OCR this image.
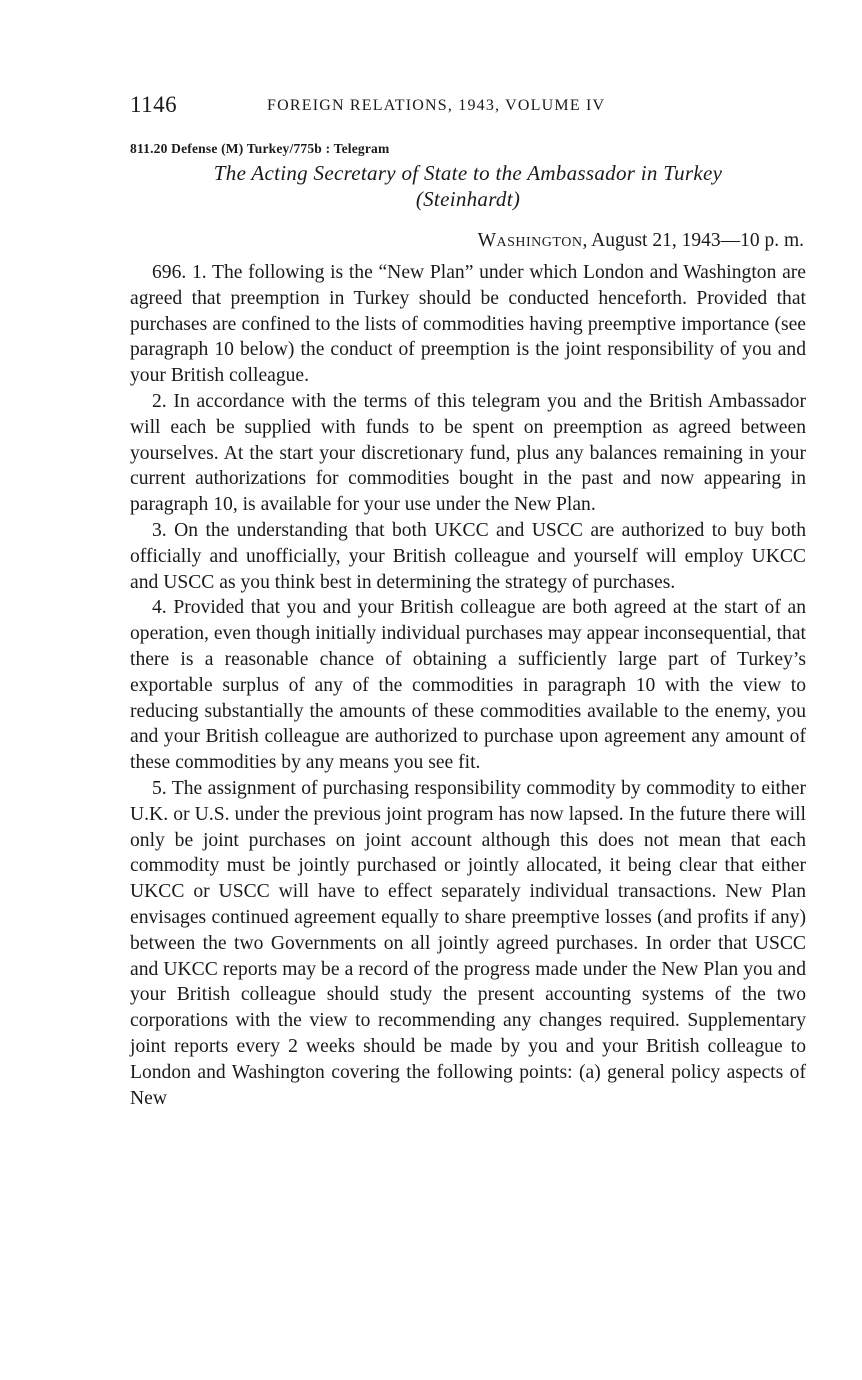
1146	FOREIGN RELATIONS, 1943, VOLUME IV
811.20 Defense (M) Turkey/775b : Telegram
The Acting Secretary of State to the Ambassador in Turkey
(Steinhardt)
Washington, August 21, 1943—10 p. m.

696. 1. The following is the “New Plan” under which London and Washington are agreed that preemption in Turkey should be conducted henceforth. Provided that purchases are confined to the lists of commodities having preemptive importance (see paragraph 10 below) the conduct of preemption is the joint responsibility of you and your British colleague.

2. In accordance with the terms of this telegram you and the British Ambassador will each be supplied with funds to be spent on preemption as agreed between yourselves. At the start your discretionary fund, plus any balances remaining in your current authorizations for commodities bought in the past and now appearing in paragraph 10, is available for your use under the New Plan.

3. On the understanding that both UKCC and USCC are authorized to buy both officially and unofficially, your British colleague and yourself will employ UKCC and USCC as you think best in determining the strategy of purchases.

4. Provided that you and your British colleague are both agreed at the start of an operation, even though initially individual purchases may appear inconsequential, that there is a reasonable chance of obtaining a sufficiently large part of Turkey’s exportable surplus of any of the commodities in paragraph 10 with the view to reducing substantially the amounts of these commodities available to the enemy, you and your British colleague are authorized to purchase upon agreement any amount of these commodities by any means you see fit.

5. The assignment of purchasing responsibility commodity by commodity to either U.K. or U.S. under the previous joint program has now lapsed. In the future there will only be joint purchases on joint account although this does not mean that each commodity must be jointly purchased or jointly allocated, it being clear that either UKCC or USCC will have to effect separately individual transactions. New Plan envisages continued agreement equally to share preemptive losses (and profits if any) between the two Governments on all jointly agreed purchases. In order that USCC and UKCC reports may be a record of the progress made under the New Plan you and your British colleague should study the present accounting systems of the two corporations with the view to recommending any changes required. Supplementary joint reports every 2 weeks should be made by you and your British colleague to London and Washington covering the following points: (a) general policy aspects of New
